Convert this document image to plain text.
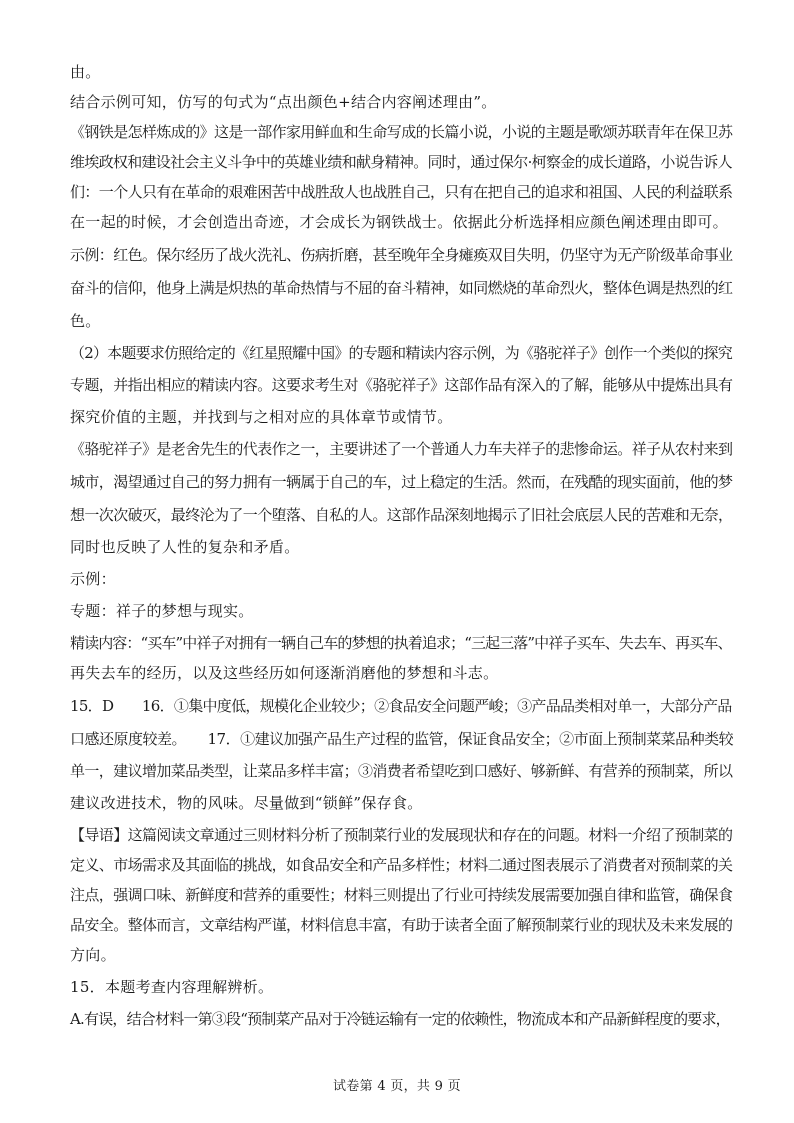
由。
结合示例可知，仿写的句式为“点出颜色+结合内容阐述理由”。
《钢铁是怎样炼成的》这是一部作家用鲜血和生命写成的长篇小说，小说的主题是歌颂苏联青年在保卫苏
维埃政权和建设社会主义斗争中的英雄业绩和献身精神。同时，通过保尔·柯察金的成长道路，小说告诉人
们：一个人只有在革命的艰难困苦中战胜敌人也战胜自己，只有在把自己的追求和祖国、人民的利益联系
在一起的时候，才会创造出奇迹，才会成长为钢铁战士。依据此分析选择相应颜色阐述理由即可。
示例：红色。保尔经历了战火洗礼、伤病折磨，甚至晚年全身瘫痪双目失明，仍坚守为无产阶级革命事业
奋斗的信仰，他身上满是炽热的革命热情与不屈的奋斗精神，如同燃烧的革命烈火，整体色调是热烈的红
色。
（2）本题要求仿照给定的《红星照耀中国》的专题和精读内容示例，为《骆驼祥子》创作一个类似的探究
专题，并指出相应的精读内容。这要求考生对《骆驼祥子》这部作品有深入的了解，能够从中提炼出具有
探究价值的主题，并找到与之相对应的具体章节或情节。
《骆驼祥子》是老舍先生的代表作之一，主要讲述了一个普通人力车夫祥子的悲惨命运。祥子从农村来到
城市，渴望通过自己的努力拥有一辆属于自己的车，过上稳定的生活。然而，在残酷的现实面前，他的梦
想一次次破灭，最终沦为了一个堕落、自私的人。这部作品深刻地揭示了旧社会底层人民的苦难和无奈，
同时也反映了人性的复杂和矛盾。
示例：
专题：祥子的梦想与现实。
精读内容：“买车”中祥子对拥有一辆自己车的梦想的执着追求；“三起三落”中祥子买车、失去车、再买车、
再失去车的经历，以及这些经历如何逐渐消磨他的梦想和斗志。
15．D　　16．①集中度低，规模化企业较少；②食品安全问题严峻；③产品品类相对单一，大部分产品
口感还原度较差。　　17．①建议加强产品生产过程的监管，保证食品安全；②市面上预制菜菜品种类较
单一，建议增加菜品类型，让菜品多样丰富；③消费者希望吃到口感好、够新鲜、有营养的预制菜，所以
建议改进技术，物的风味。尽量做到“锁鲜”保存食。
【导语】这篇阅读文章通过三则材料分析了预制菜行业的发展现状和存在的问题。材料一介绍了预制菜的
定义、市场需求及其面临的挑战，如食品安全和产品多样性；材料二通过图表展示了消费者对预制菜的关
注点，强调口味、新鲜度和营养的重要性；材料三则提出了行业可持续发展需要加强自律和监管，确保食
品安全。整体而言，文章结构严谨，材料信息丰富，有助于读者全面了解预制菜行业的现状及未来发展的
方向。
15．本题考查内容理解辨析。
A.有误，结合材料一第③段“预制菜产品对于冷链运输有一定的依赖性，物流成本和产品新鲜程度的要求，
试卷第 4 页，共 9 页
